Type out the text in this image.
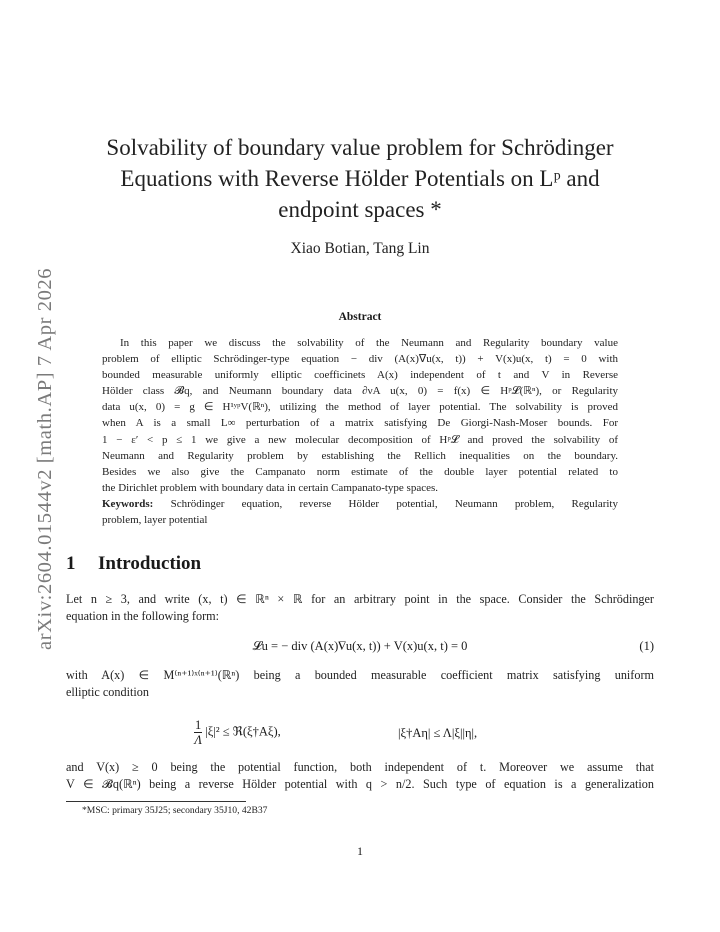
arXiv:2604.01544v2 [math.AP] 7 Apr 2026
Solvability of boundary value problem for Schrödinger
Equations with Reverse Hölder Potentials on Lᵖ and
endpoint spaces *
Xiao Botian, Tang Lin
Abstract
In this paper we discuss the solvability of the Neumann and Regularity boundary value
problem of elliptic Schrödinger-type equation − div (A(x)∇u(x, t)) + V(x)u(x, t) = 0 with
bounded measurable uniformly elliptic coefficinets A(x) independent of t and V in Reverse
Hölder class 𝓑q, and Neumann boundary data ∂νA u(x, 0) = f(x) ∈ Hᵖ𝓛(ℝⁿ), or Regularity
data u(x, 0) = g ∈ H¹ʸᵖV(ℝⁿ), utilizing the method of layer potential. The solvability is proved
when A is a small L∞ perturbation of a matrix satisfying De Giorgi-Nash-Moser bounds. For
1 − ε′ < p ≤ 1 we give a new molecular decomposition of Hᵖ𝓛 and proved the solvability of
Neumann and Regularity problem by establishing the Rellich inequalities on the boundary.
Besides we also give the Campanato norm estimate of the double layer potential related to
the Dirichlet problem with boundary data in certain Campanato-type spaces.
Keywords: Schrödinger equation, reverse Hölder potential, Neumann problem, Regularity
problem, layer potential
1 Introduction
Let n ≥ 3, and write (x, t) ∈ ℝⁿ × ℝ for an arbitrary point in the space. Consider the Schrödinger
equation in the following form:
𝓛u = − div (A(x)∇u(x, t)) + V(x)u(x, t) = 0	(1)
with A(x) ∈ M⁽ⁿ⁺¹⁾ˣ⁽ⁿ⁺¹⁾(ℝⁿ) being a bounded measurable coefficient matrix satisfying uniform
elliptic condition
$\frac{1}{\Lambda} |\xi|^2$ ≤ ℜ(ξ†Aξ),	|ξ†Aη| ≤ Λ|ξ||η|,
and V(x) ≥ 0 being the potential function, both independent of t. Moreover we assume that
V ∈ 𝓑q(ℝⁿ) being a reverse Hölder potential with q > n/2. Such type of equation is a generalization
*MSC: primary 35J25; secondary 35J10, 42B37
1
